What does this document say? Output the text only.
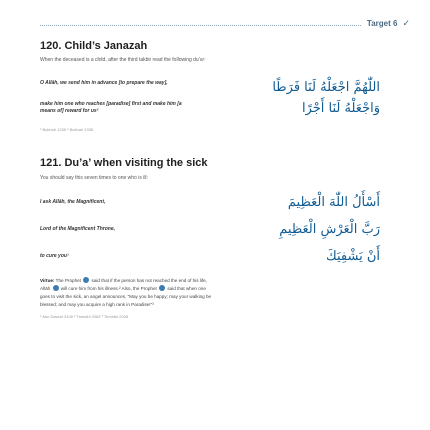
Target 6 ✓
120. Child’s Janazah
When the deceased is a child, after the third takbir read the following du’a¹:
O Allāh, we send him in advance [to prepare the way],	اللّٰهُمَّ اجْعَلْهُ لَنَا فَرَطًا
make him one who reaches [paradise] first and make him [a means of] reward for us²	وَاجْعَلْهُ لَنَا أَجْرًا
¹ Bukhari 1335 ² Bukhari 1335
121. Du’a’ when visiting the sick
You should say this seven times to one who is ill:
I ask Allāh, the Magnificent,	أَسْأَلُ اللّٰهَ الْعَظِيمَ
Lord of the Magnificent Throne,	رَبَّ الْعَرْشِ الْعَظِيمِ
to cure you¹	أَنْ يَشْفِيَكَ
Virtue: The Prophet said that if the person has not reached the end of his life,
Allāh will cure him from his illness.² Also, the Prophet said that when one
goes to visit the sick, an angel announces, “May you be happy; may your walking be
blessed; and may you acquire a high rank in Paradise!”³
¹ Abu Dawud 3106 ² Tirmidhi 2083 ³ Tirmidhi 2008
